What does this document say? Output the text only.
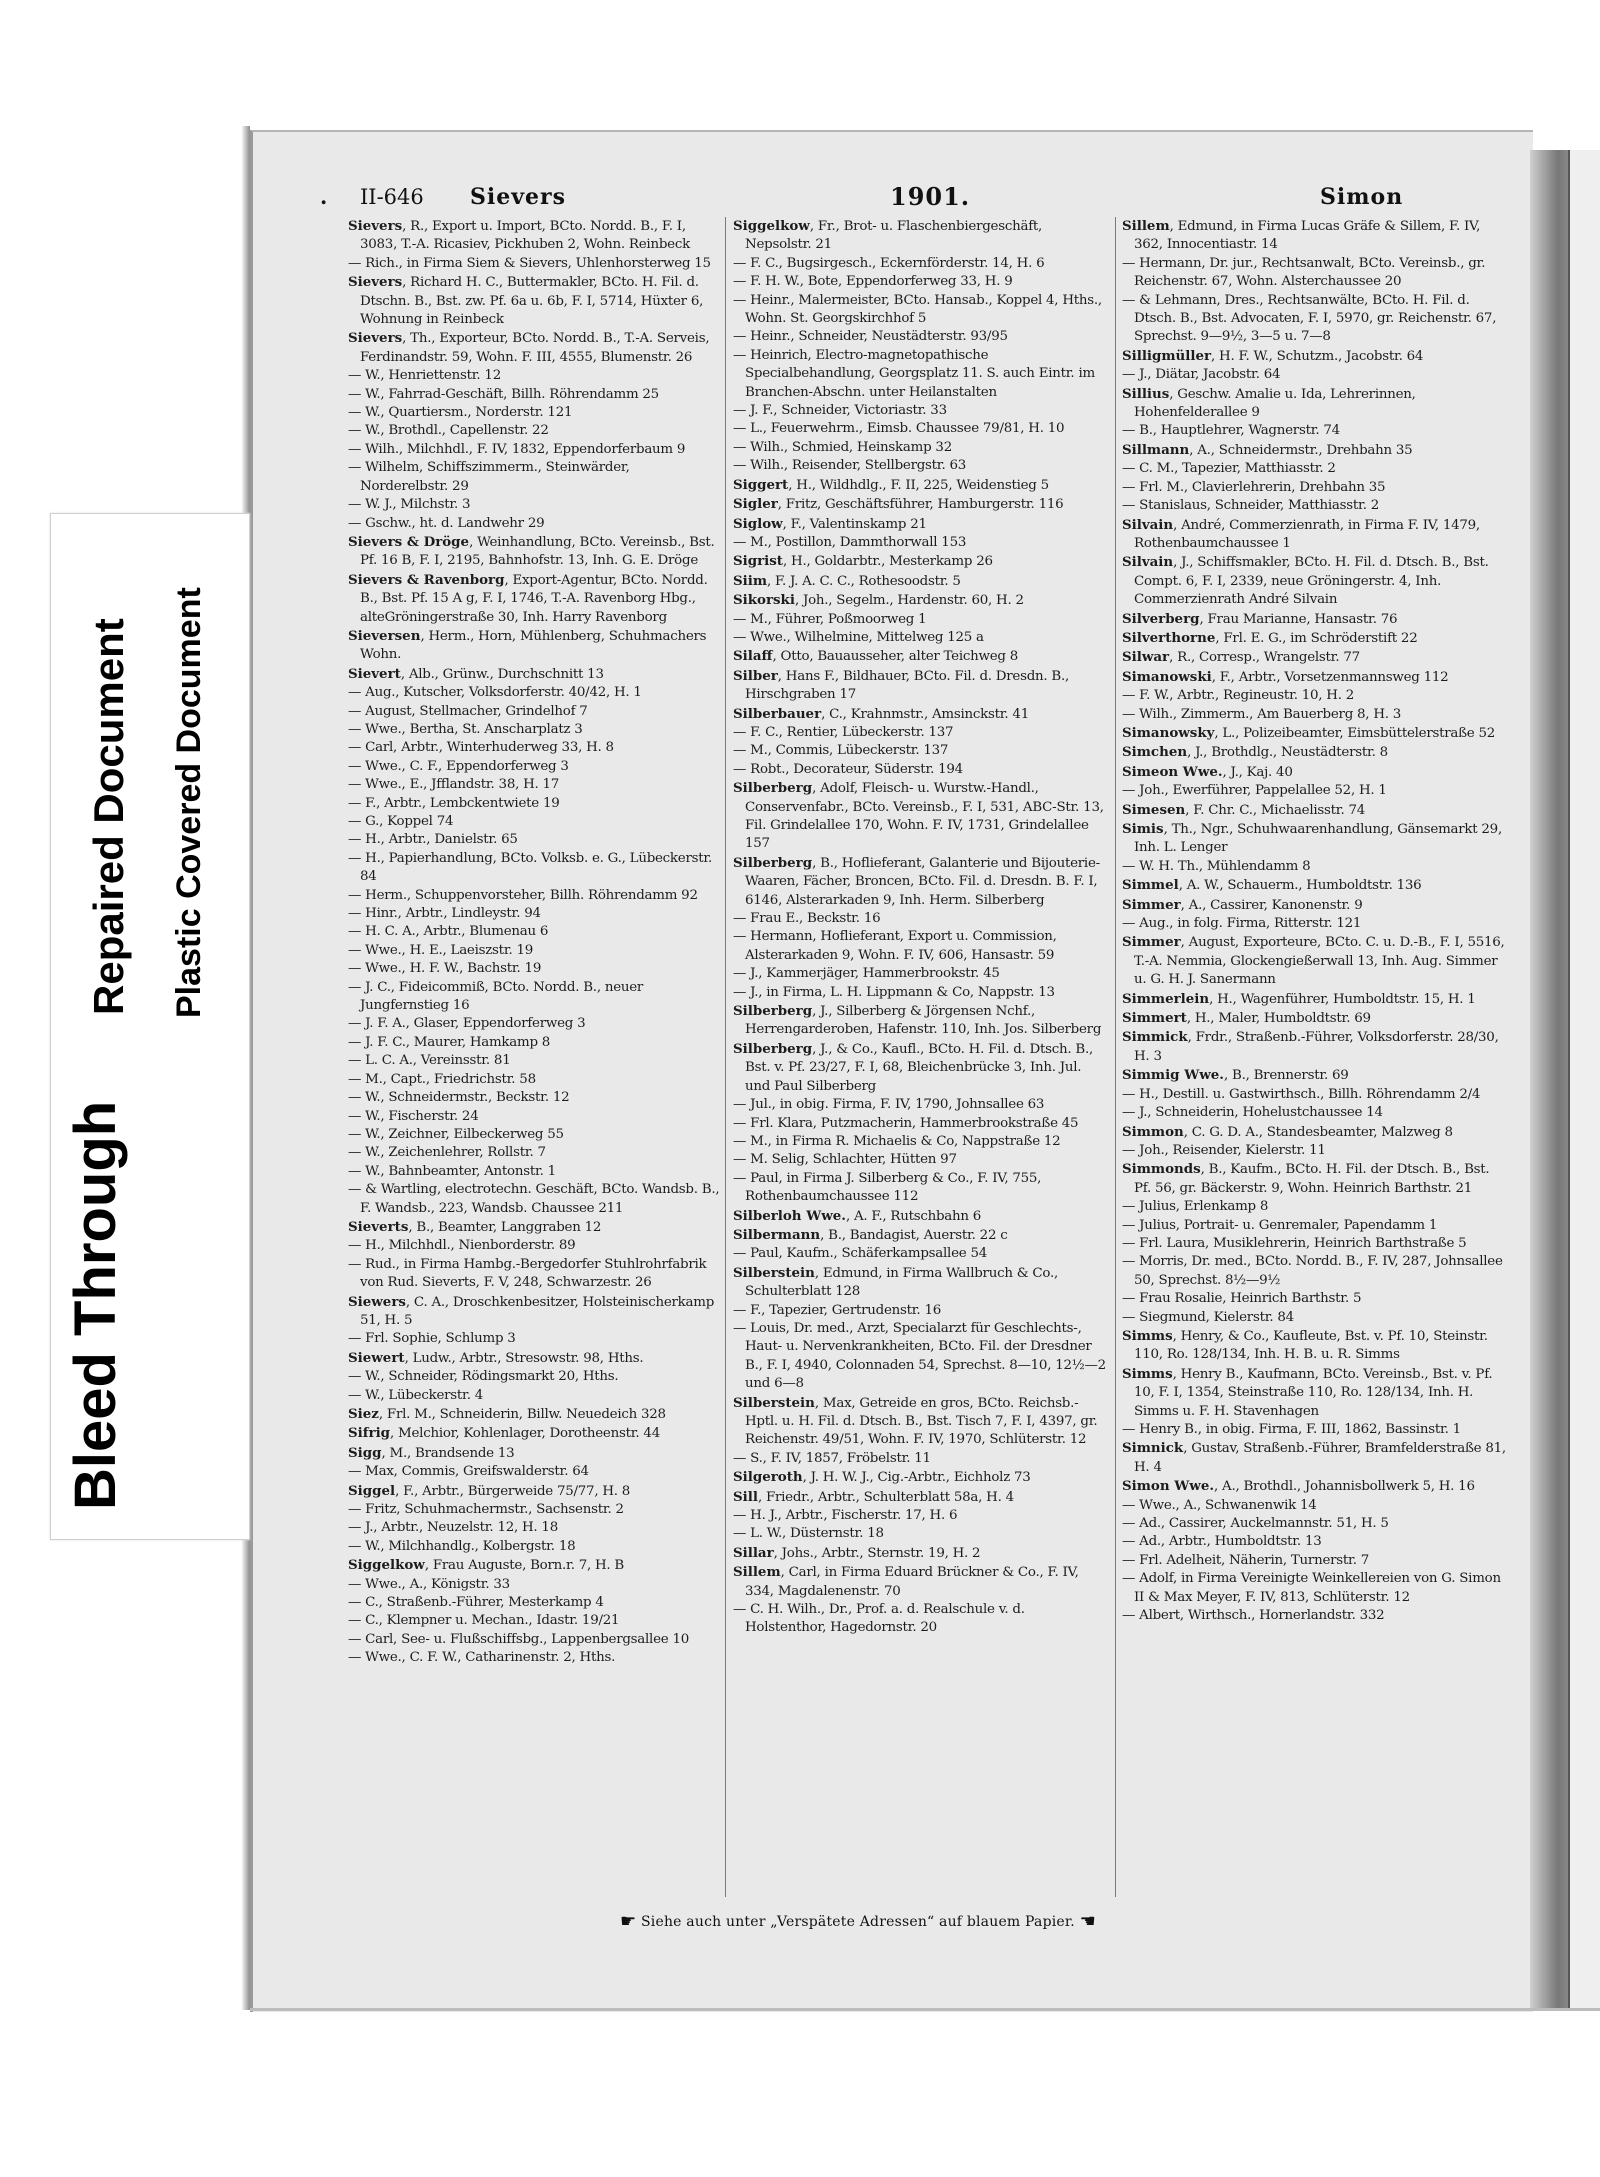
Bleed Through
Repaired Document Plastic Covered Document
. II-646 Sievers	1901.	Simon
Sievers, R., Export u. Import, BCto. Nordd. B., F. I, 3083, T.-A. Ricasiev, Pickhuben 2, Wohn. Reinbeck
— Rich., in Firma Siem & Sievers, Uhlenhorsterweg 15
Sievers, Richard H. C., Buttermakler, BCto. H. Fil. d. Dtschn. B., Bst. zw. Pf. 6a u. 6b, F. I, 5714, Hüxter 6, Wohnung in Reinbeck
Sievers, Th., Exporteur, BCto. Nordd. B., T.-A. Serveis, Ferdinandstr. 59, Wohn. F. III, 4555, Blumenstr. 26
— W., Henriettenstr. 12
— W., Fahrrad-Geschäft, Billh. Röhrendamm 25
— W., Quartiersm., Norderstr. 121
— W., Brothdl., Capellenstr. 22
— Wilh., Milchhdl., F. IV, 1832, Eppendorferbaum 9
— Wilhelm, Schiffszimmerm., Steinwärder, Norderelbstr. 29
— W. J., Milchstr. 3
— Gschw., ht. d. Landwehr 29
Sievers & Dröge, Weinhandlung, BCto. Vereinsb., Bst. Pf. 16 B, F. I, 2195, Bahnhofstr. 13, Inh. G. E. Dröge
Sievers & Ravenborg, Export-Agentur, BCto. Nordd. B., Bst. Pf. 15 A g, F. I, 1746, T.-A. Ravenborg Hbg., alteGröningerstraße 30, Inh. Harry Ravenborg
Sieversen, Herm., Horn, Mühlenberg, Schuhmachers Wohn.
Sievert, Alb., Grünw., Durchschnitt 13
— Aug., Kutscher, Volksdorferstr. 40/42, H. 1
— August, Stellmacher, Grindelhof 7
— Wwe., Bertha, St. Anscharplatz 3
— Carl, Arbtr., Winterhuderweg 33, H. 8
— Wwe., C. F., Eppendorferweg 3
— Wwe., E., Jfflandstr. 38, H. 17
— F., Arbtr., Lembckentwiete 19
— G., Koppel 74
— H., Arbtr., Danielstr. 65
— H., Papierhandlung, BCto. Volksb. e. G., Lübeckerstr. 84
— Herm., Schuppenvorsteher, Billh. Röhrendamm 92
— Hinr., Arbtr., Lindleystr. 94
— H. C. A., Arbtr., Blumenau 6
— Wwe., H. E., Laeiszstr. 19
— Wwe., H. F. W., Bachstr. 19
— J. C., Fideicommiß, BCto. Nordd. B., neuer Jungfernstieg 16
— J. F. A., Glaser, Eppendorferweg 3
— J. F. C., Maurer, Hamkamp 8
— L. C. A., Vereinsstr. 81
— M., Capt., Friedrichstr. 58
— W., Schneidermstr., Beckstr. 12
— W., Fischerstr. 24
— W., Zeichner, Eilbeckerweg 55
— W., Zeichenlehrer, Rollstr. 7
— W., Bahnbeamter, Antonstr. 1
— & Wartling, electrotechn. Geschäft, BCto. Wandsb. B., F. Wandsb., 223, Wandsb. Chaussee 211
Sieverts, B., Beamter, Langgraben 12
— H., Milchhdl., Nienborderstr. 89
— Rud., in Firma Hambg.-Bergedorfer Stuhlrohrfabrik von Rud. Sieverts, F. V, 248, Schwarzestr. 26
Siewers, C. A., Droschkenbesitzer, Holsteinischerkamp 51, H. 5
— Frl. Sophie, Schlump 3
Siewert, Ludw., Arbtr., Stresowstr. 98, Hths.
— W., Schneider, Rödingsmarkt 20, Hths.
— W., Lübeckerstr. 4
Siez, Frl. M., Schneiderin, Billw. Neuedeich 328
Sifrig, Melchior, Kohlenlager, Dorotheenstr. 44
Sigg, M., Brandsende 13
— Max, Commis, Greifswalderstr. 64
Siggel, F., Arbtr., Bürgerweide 75/77, H. 8
— Fritz, Schuhmachermstr., Sachsenstr. 2
— J., Arbtr., Neuzelstr. 12, H. 18
— W., Milchhandlg., Kolbergstr. 18
Siggelkow, Frau Auguste, Born.r. 7, H. B
— Wwe., A., Königstr. 33
— C., Straßenb.-Führer, Mesterkamp 4
— C., Klempner u. Mechan., Idastr. 19/21
— Carl, See- u. Flußschiffsbg., Lappenbergsallee 10
— Wwe., C. F. W., Catharinenstr. 2, Hths.
Siggelkow, Fr., Brot- u. Flaschenbiergeschäft, Nepsolstr. 21
— F. C., Bugsirgesch., Eckernförderstr. 14, H. 6
— F. H. W., Bote, Eppendorferweg 33, H. 9
— Heinr., Malermeister, BCto. Hansab., Koppel 4, Hths., Wohn. St. Georgskirchhof 5
— Heinr., Schneider, Neustädterstr. 93/95
— Heinrich, Electro-magnetopathische Specialbehandlung, Georgsplatz 11. S. auch Eintr. im Branchen-Abschn. unter Heilanstalten
— J. F., Schneider, Victoriastr. 33
— L., Feuerwehrm., Eimsb. Chaussee 79/81, H. 10
— Wilh., Schmied, Heinskamp 32
— Wilh., Reisender, Stellbergstr. 63
Siggert, H., Wildhdlg., F. II, 225, Weidenstieg 5
Sigler, Fritz, Geschäftsführer, Hamburgerstr. 116
Siglow, F., Valentinskamp 21
— M., Postillon, Dammthorwall 153
Sigrist, H., Goldarbtr., Mesterkamp 26
Siim, F. J. A. C. C., Rothesoodstr. 5
Sikorski, Joh., Segelm., Hardenstr. 60, H. 2
— M., Führer, Poßmoorweg 1
— Wwe., Wilhelmine, Mittelweg 125 a
Silaff, Otto, Bauausseher, alter Teichweg 8
Silber, Hans F., Bildhauer, BCto. Fil. d. Dresdn. B., Hirschgraben 17
Silberbauer, C., Krahnmstr., Amsinckstr. 41
— F. C., Rentier, Lübeckerstr. 137
— M., Commis, Lübeckerstr. 137
— Robt., Decorateur, Süderstr. 194
Silberberg, Adolf, Fleisch- u. Wurstw.-Handl., Conservenfabr., BCto. Vereinsb., F. I, 531, ABC-Str. 13, Fil. Grindelallee 170, Wohn. F. IV, 1731, Grindelallee 157
Silberberg, B., Hoflieferant, Galanterie und Bijouterie-Waaren, Fächer, Broncen, BCto. Fil. d. Dresdn. B. F. I, 6146, Alsterarkaden 9, Inh. Herm. Silberberg
— Frau E., Beckstr. 16
— Hermann, Hoflieferant, Export u. Commission, Alsterarkaden 9, Wohn. F. IV, 606, Hansastr. 59
— J., Kammerjäger, Hammerbrookstr. 45
— J., in Firma, L. H. Lippmann & Co, Nappstr. 13
Silberberg, J., Silberberg & Jörgensen Nchf., Herrengarderoben, Hafenstr. 110, Inh. Jos. Silberberg
Silberberg, J., & Co., Kaufl., BCto. H. Fil. d. Dtsch. B., Bst. v. Pf. 23/27, F. I, 68, Bleichenbrücke 3, Inh. Jul. und Paul Silberberg
— Jul., in obig. Firma, F. IV, 1790, Johnsallee 63
— Frl. Klara, Putzmacherin, Hammerbrookstraße 45
— M., in Firma R. Michaelis & Co, Nappstraße 12
— M. Selig, Schlachter, Hütten 97
— Paul, in Firma J. Silberberg & Co., F. IV, 755, Rothenbaumchaussee 112
Silberloh Wwe., A. F., Rutschbahn 6
Silbermann, B., Bandagist, Auerstr. 22 c
— Paul, Kaufm., Schäferkampsallee 54
Silberstein, Edmund, in Firma Wallbruch & Co., Schulterblatt 128
— F., Tapezier, Gertrudenstr. 16
— Louis, Dr. med., Arzt, Specialarzt für Geschlechts-, Haut- u. Nervenkrankheiten, BCto. Fil. der Dresdner B., F. I, 4940, Colonnaden 54, Sprechst. 8—10, 12½—2 und 6—8
Silberstein, Max, Getreide en gros, BCto. Reichsb.-Hptl. u. H. Fil. d. Dtsch. B., Bst. Tisch 7, F. I, 4397, gr. Reichenstr. 49/51, Wohn. F. IV, 1970, Schlüterstr. 12
— S., F. IV, 1857, Fröbelstr. 11
Silgeroth, J. H. W. J., Cig.-Arbtr., Eichholz 73
Sill, Friedr., Arbtr., Schulterblatt 58a, H. 4
— H. J., Arbtr., Fischerstr. 17, H. 6
— L. W., Düsternstr. 18
Sillar, Johs., Arbtr., Sternstr. 19, H. 2
Sillem, Carl, in Firma Eduard Brückner & Co., F. IV, 334, Magdalenenstr. 70
— C. H. Wilh., Dr., Prof. a. d. Realschule v. d. Holstenthor, Hagedornstr. 20
Sillem, Edmund, in Firma Lucas Gräfe & Sillem, F. IV, 362, Innocentiastr. 14
— Hermann, Dr. jur., Rechtsanwalt, BCto. Vereinsb., gr. Reichenstr. 67, Wohn. Alsterchaussee 20
— & Lehmann, Dres., Rechtsanwälte, BCto. H. Fil. d. Dtsch. B., Bst. Advocaten, F. I, 5970, gr. Reichenstr. 67, Sprechst. 9—9½, 3—5 u. 7—8
Silligmüller, H. F. W., Schutzm., Jacobstr. 64
— J., Diätar, Jacobstr. 64
Sillius, Geschw. Amalie u. Ida, Lehrerinnen, Hohenfelderallee 9
— B., Hauptlehrer, Wagnerstr. 74
Sillmann, A., Schneidermstr., Drehbahn 35
— C. M., Tapezier, Matthiasstr. 2
— Frl. M., Clavierlehrerin, Drehbahn 35
— Stanislaus, Schneider, Matthiasstr. 2
Silvain, André, Commerzienrath, in Firma F. IV, 1479, Rothenbaumchaussee 1
Silvain, J., Schiffsmakler, BCto. H. Fil. d. Dtsch. B., Bst. Compt. 6, F. I, 2339, neue Gröningerstr. 4, Inh. Commerzienrath André Silvain
Silverberg, Frau Marianne, Hansastr. 76
Silverthorne, Frl. E. G., im Schröderstift 22
Silwar, R., Corresp., Wrangelstr. 77
Simanowski, F., Arbtr., Vorsetzenmannsweg 112
— F. W., Arbtr., Regineustr. 10, H. 2
— Wilh., Zimmerm., Am Bauerberg 8, H. 3
Simanowsky, L., Polizeibeamter, Eimsbüttelerstraße 52
Simchen, J., Brothdlg., Neustädterstr. 8
Simeon Wwe., J., Kaj. 40
— Joh., Ewerführer, Pappelallee 52, H. 1
Simesen, F. Chr. C., Michaelisstr. 74
Simis, Th., Ngr., Schuhwaarenhandlung, Gänsemarkt 29, Inh. L. Lenger
— W. H. Th., Mühlendamm 8
Simmel, A. W., Schauerm., Humboldtstr. 136
Simmer, A., Cassirer, Kanonenstr. 9
— Aug., in folg. Firma, Ritterstr. 121
Simmer, August, Exporteure, BCto. C. u. D.-B., F. I, 5516, T.-A. Nemmia, Glockengießerwall 13, Inh. Aug. Simmer u. G. H. J. Sanermann
Simmerlein, H., Wagenführer, Humboldtstr. 15, H. 1
Simmert, H., Maler, Humboldtstr. 69
Simmick, Frdr., Straßenb.-Führer, Volksdorferstr. 28/30, H. 3
Simmig Wwe., B., Brennerstr. 69
— H., Destill. u. Gastwirthsch., Billh. Röhrendamm 2/4
— J., Schneiderin, Hohelustchaussee 14
Simmon, C. G. D. A., Standesbeamter, Malzweg 8
— Joh., Reisender, Kielerstr. 11
Simmonds, B., Kaufm., BCto. H. Fil. der Dtsch. B., Bst. Pf. 56, gr. Bäckerstr. 9, Wohn. Heinrich Barthstr. 21
— Julius, Erlenkamp 8
— Julius, Portrait- u. Genremaler, Papendamm 1
— Frl. Laura, Musiklehrerin, Heinrich Barthstraße 5
— Morris, Dr. med., BCto. Nordd. B., F. IV, 287, Johnsallee 50, Sprechst. 8½—9½
— Frau Rosalie, Heinrich Barthstr. 5
— Siegmund, Kielerstr. 84
Simms, Henry, & Co., Kaufleute, Bst. v. Pf. 10, Steinstr. 110, Ro. 128/134, Inh. H. B. u. R. Simms
Simms, Henry B., Kaufmann, BCto. Vereinsb., Bst. v. Pf. 10, F. I, 1354, Steinstraße 110, Ro. 128/134, Inh. H. Simms u. F. H. Stavenhagen
— Henry B., in obig. Firma, F. III, 1862, Bassinstr. 1
Simnick, Gustav, Straßenb.-Führer, Bramfelderstraße 81, H. 4
Simon Wwe., A., Brothdl., Johannisbollwerk 5, H. 16
— Wwe., A., Schwanenwik 14
— Ad., Cassirer, Auckelmannstr. 51, H. 5
— Ad., Arbtr., Humboldtstr. 13
— Frl. Adelheit, Näherin, Turnerstr. 7
— Adolf, in Firma Vereinigte Weinkellereien von G. Simon II & Max Meyer, F. IV, 813, Schlüterstr. 12
— Albert, Wirthsch., Hornerlandstr. 332
☛ Siehe auch unter „Verspätete Adressen“ auf blauem Papier. ☚
